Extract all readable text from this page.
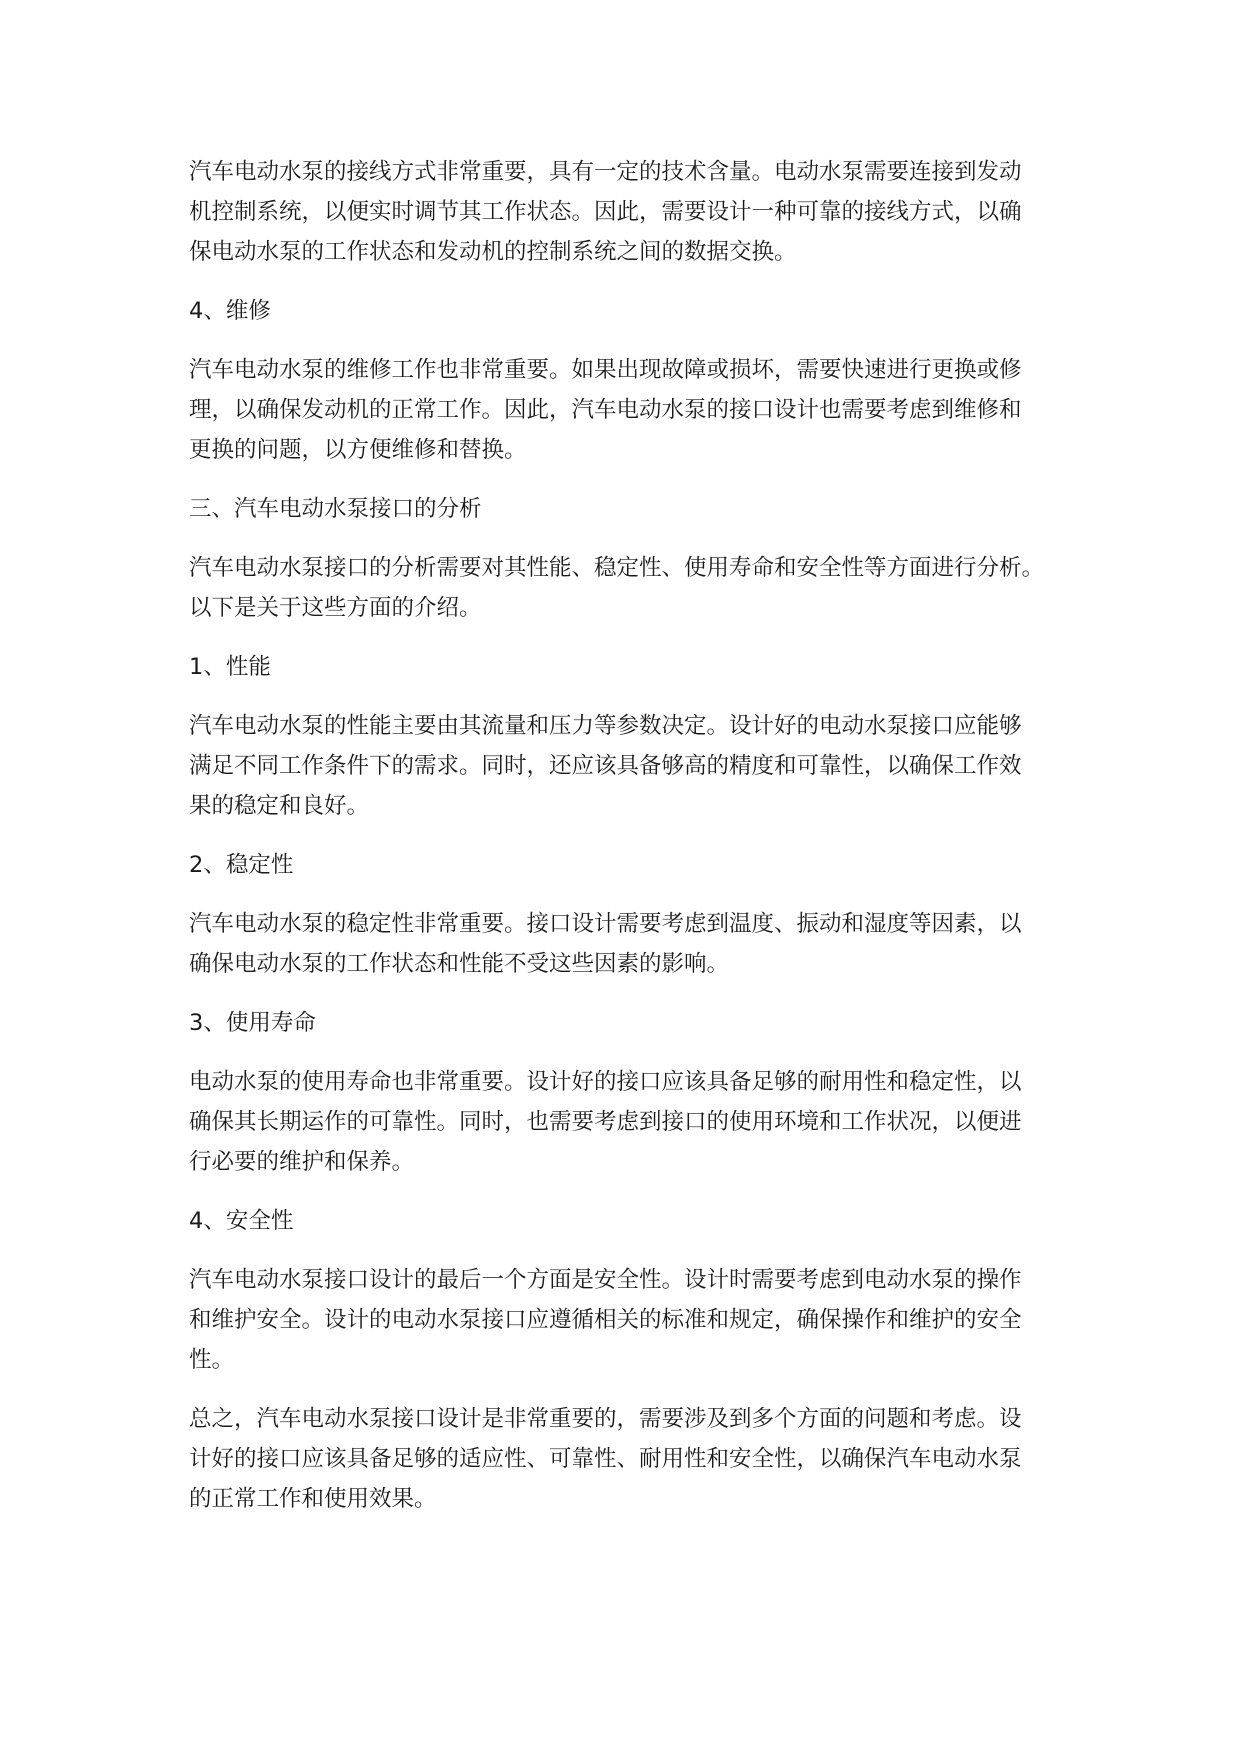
汽车电动水泵的接线方式非常重要，具有一定的技术含量。电动水泵需要连接到发动
机控制系统，以便实时调节其工作状态。因此，需要设计一种可靠的接线方式，以确
保电动水泵的工作状态和发动机的控制系统之间的数据交换。

4、维修

汽车电动水泵的维修工作也非常重要。如果出现故障或损坏，需要快速进行更换或修
理，以确保发动机的正常工作。因此，汽车电动水泵的接口设计也需要考虑到维修和
更换的问题，以方便维修和替换。

三、汽车电动水泵接口的分析

汽车电动水泵接口的分析需要对其性能、稳定性、使用寿命和安全性等方面进行分析。
以下是关于这些方面的介绍。

1、性能

汽车电动水泵的性能主要由其流量和压力等参数决定。设计好的电动水泵接口应能够
满足不同工作条件下的需求。同时，还应该具备够高的精度和可靠性，以确保工作效
果的稳定和良好。

2、稳定性

汽车电动水泵的稳定性非常重要。接口设计需要考虑到温度、振动和湿度等因素，以
确保电动水泵的工作状态和性能不受这些因素的影响。

3、使用寿命

电动水泵的使用寿命也非常重要。设计好的接口应该具备足够的耐用性和稳定性，以
确保其长期运作的可靠性。同时，也需要考虑到接口的使用环境和工作状况，以便进
行必要的维护和保养。

4、安全性

汽车电动水泵接口设计的最后一个方面是安全性。设计时需要考虑到电动水泵的操作
和维护安全。设计的电动水泵接口应遵循相关的标准和规定，确保操作和维护的安全
性。

总之，汽车电动水泵接口设计是非常重要的，需要涉及到多个方面的问题和考虑。设
计好的接口应该具备足够的适应性、可靠性、耐用性和安全性，以确保汽车电动水泵
的正常工作和使用效果。
